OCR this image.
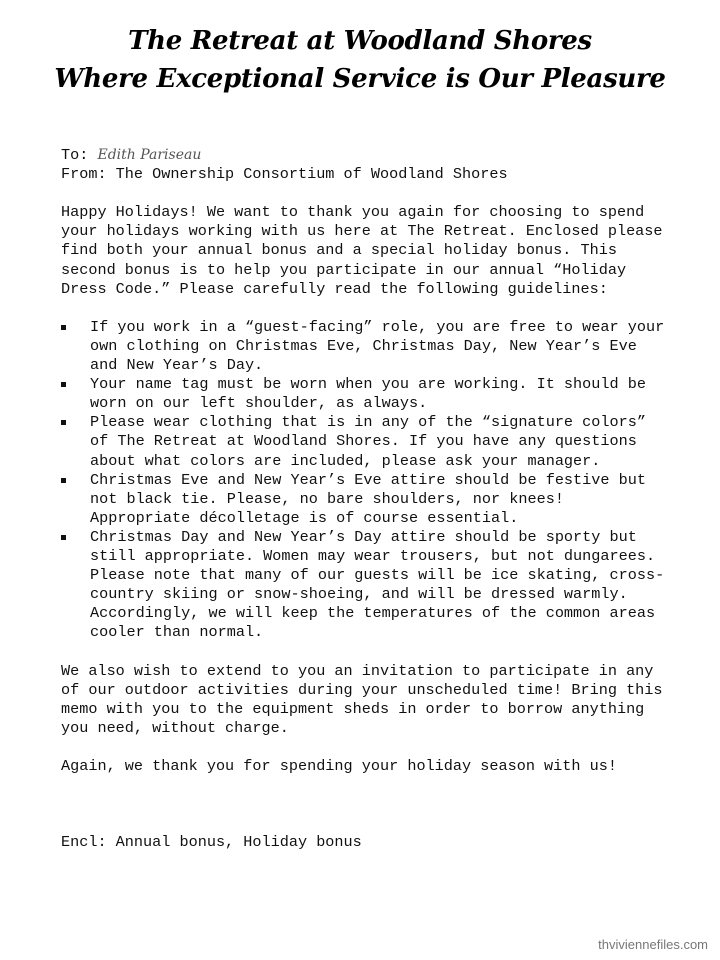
The Retreat at Woodland Shores
Where Exceptional Service is Our Pleasure

To: Edith Pariseau

From: The Ownership Consortium of Woodland Shores

Happy Holidays! We want to thank you again for choosing to spend your holidays working with us here at The Retreat. Enclosed please find both your annual bonus and a special holiday bonus. This second bonus is to help you participate in our annual “Holiday Dress Code.” Please carefully read the following guidelines:

If you work in a “guest-facing” role, you are free to wear your own clothing on Christmas Eve, Christmas Day, New Year’s Eve and New Year’s Day.
Your name tag must be worn when you are working. It should be worn on our left shoulder, as always.
Please wear clothing that is in any of the “signature colors” of The Retreat at Woodland Shores. If you have any questions about what colors are included, please ask your manager.
Christmas Eve and New Year’s Eve attire should be festive but not black tie. Please, no bare shoulders, nor knees! Appropriate décolletage is of course essential.
Christmas Day and New Year’s Day attire should be sporty but still appropriate. Women may wear trousers, but not dungarees. Please note that many of our guests will be ice skating, cross-country skiing or snow-shoeing, and will be dressed warmly. Accordingly, we will keep the temperatures of the common areas cooler than normal.

We also wish to extend to you an invitation to participate in any of our outdoor activities during your unscheduled time! Bring this memo with you to the equipment sheds in order to borrow anything you need, without charge.

Again, we thank you for spending your holiday season with us!

Encl: Annual bonus, Holiday bonus

thviviennefiles.com
